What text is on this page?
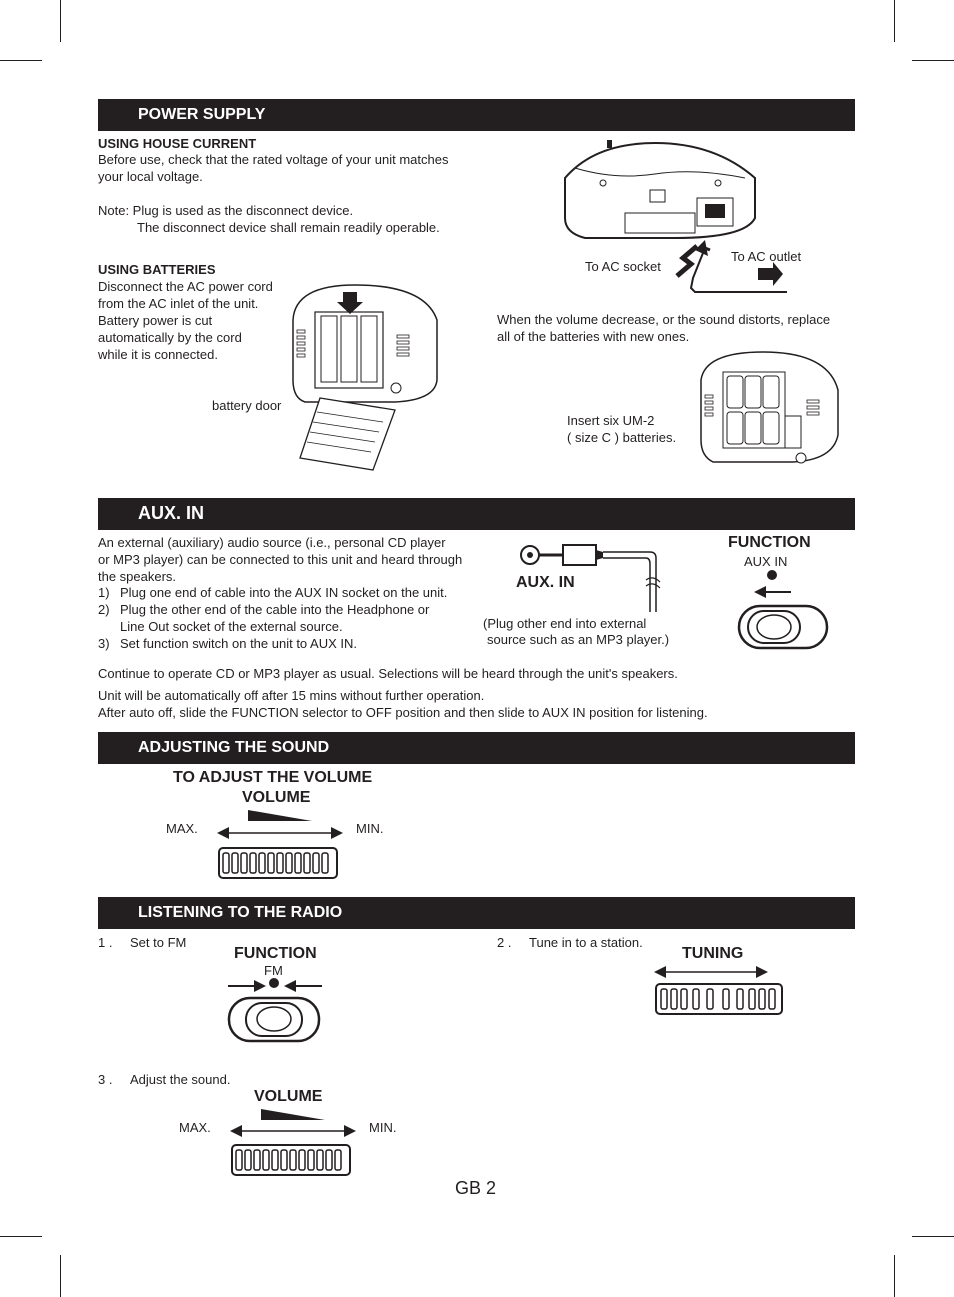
POWER SUPPLY
USING HOUSE CURRENT
Before use, check that the rated voltage of your unit matches
your local voltage.
Note: Plug is used as the disconnect device.
The disconnect device shall remain readily operable.
USING BATTERIES
Disconnect the AC power cord
from the AC inlet of the unit.
Battery power is cut
automatically by the cord
while it is connected.
battery door
To AC socket
To AC outlet
When the volume decrease, or the sound distorts, replace
all of the batteries with new ones.
Insert six UM-2
( size C ) batteries.
AUX. IN
An external (auxiliary) audio source (i.e., personal CD player
or MP3 player) can be connected to this unit and heard through
the speakers.
1) Plug one end of cable into the AUX IN socket on the unit.
2) Plug the other end of the cable into the Headphone or
Line Out socket of the external source.
3) Set function switch on the unit to AUX IN.
AUX. IN
(Plug other end into external
source such as an MP3 player.)
FUNCTION
AUX IN
Continue to operate CD or MP3 player as usual. Selections will be heard through the unit's speakers.
Unit will be automatically off after 15 mins without further operation.
After auto off, slide the FUNCTION selector to OFF position and then slide to AUX IN position for listening.
ADJUSTING THE SOUND
TO ADJUST THE VOLUME
VOLUME
MAX.	MIN.
LISTENING TO THE RADIO
1 . Set to FM
FUNCTION
FM
2 . Tune in to a station.
TUNING
3 . Adjust the sound.
VOLUME
MAX.	MIN.
GB 2
